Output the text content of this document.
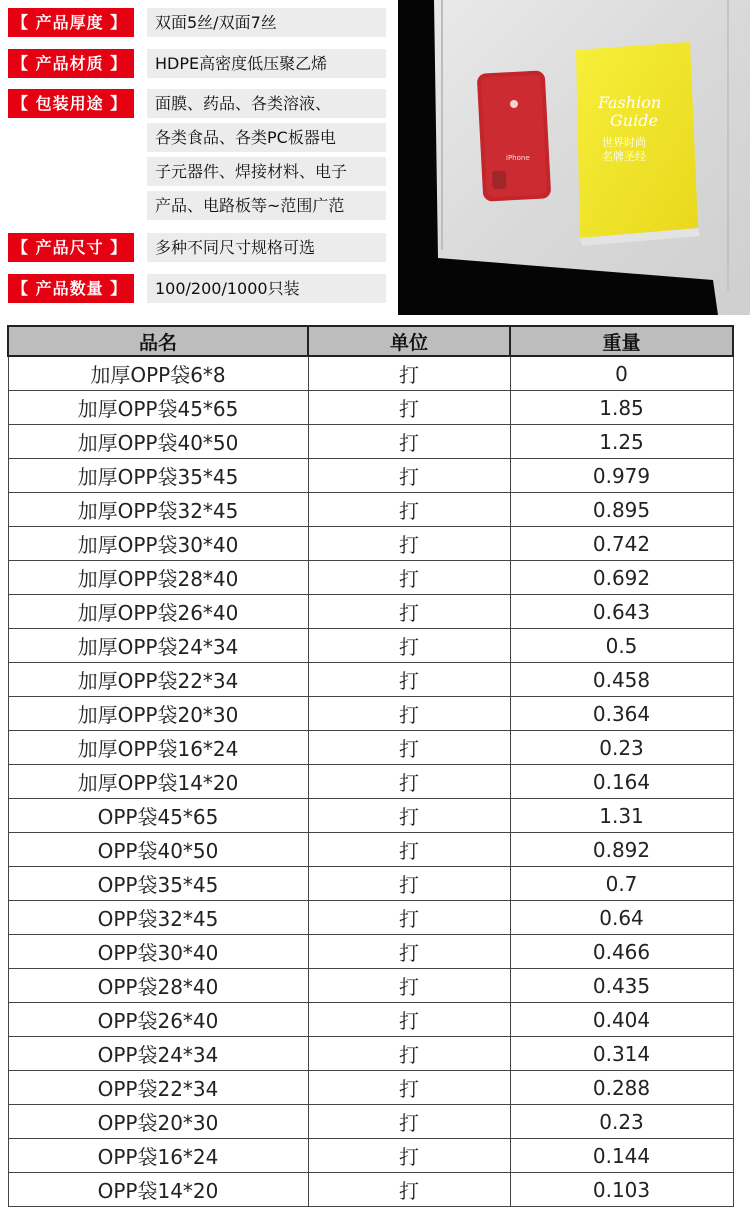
【 产品厚度 】	双面5丝/双面7丝
【 产品材质 】	HDPE高密度低压聚乙烯
【 包装用途 】	面膜、药品、各类溶液、
各类食品、各类PC板器电
子元器件、焊接材料、电子
产品、电路板等~范围广范
【 产品尺寸 】	多种不同尺寸规格可选
【 产品数量 】	100/200/1000只装
iPhone
Fashion
Guide
世界时尚
名牌圣经
品名	单位	重量
加厚OPP袋6*8	打	0
加厚OPP袋45*65	打	1.85
加厚OPP袋40*50	打	1.25
加厚OPP袋35*45	打	0.979
加厚OPP袋32*45	打	0.895
加厚OPP袋30*40	打	0.742
加厚OPP袋28*40	打	0.692
加厚OPP袋26*40	打	0.643
加厚OPP袋24*34	打	0.5
加厚OPP袋22*34	打	0.458
加厚OPP袋20*30	打	0.364
加厚OPP袋16*24	打	0.23
加厚OPP袋14*20	打	0.164
OPP袋45*65	打	1.31
OPP袋40*50	打	0.892
OPP袋35*45	打	0.7
OPP袋32*45	打	0.64
OPP袋30*40	打	0.466
OPP袋28*40	打	0.435
OPP袋26*40	打	0.404
OPP袋24*34	打	0.314
OPP袋22*34	打	0.288
OPP袋20*30	打	0.23
OPP袋16*24	打	0.144
OPP袋14*20	打	0.103
